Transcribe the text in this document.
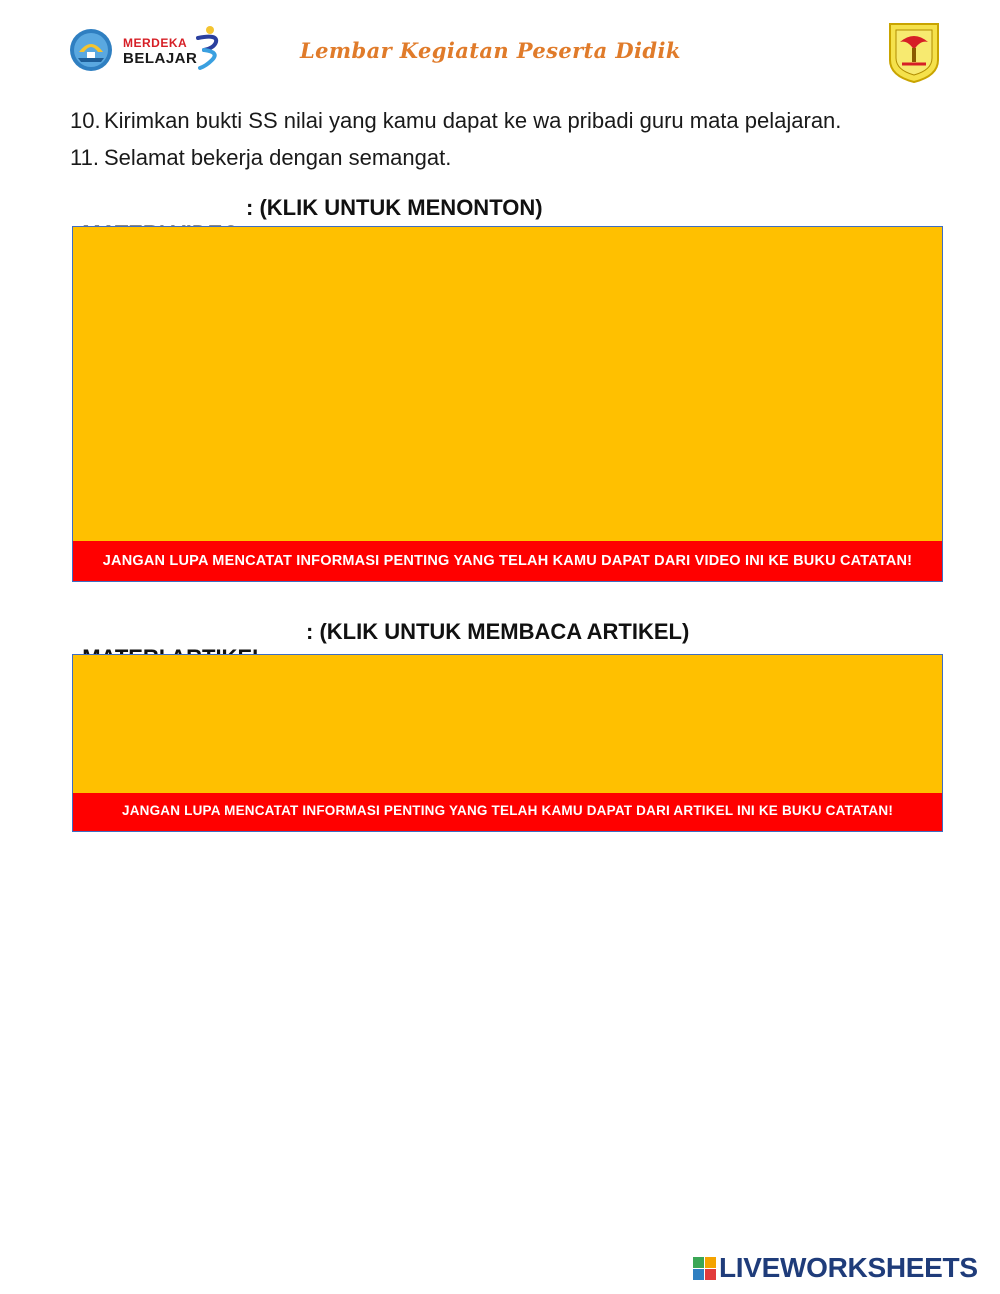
MERDEKA
BELAJAR	Lembar Kegiatan Peserta Didik
10. Kirimkan bukti SS nilai yang kamu dapat ke wa pribadi guru mata pelajaran.
11. Selamat bekerja dengan semangat.

: (KLIK UNTUK MENONTON)

JANGAN LUPA MENCATAT INFORMASI PENTING YANG TELAH KAMU DAPAT DARI VIDEO INI KE BUKU CATATAN!

: (KLIK UNTUK MEMBACA ARTIKEL)

JANGAN LUPA MENCATAT INFORMASI PENTING YANG TELAH KAMU DAPAT DARI ARTIKEL INI KE BUKU CATATAN!
LIVEWORKSHEETS
